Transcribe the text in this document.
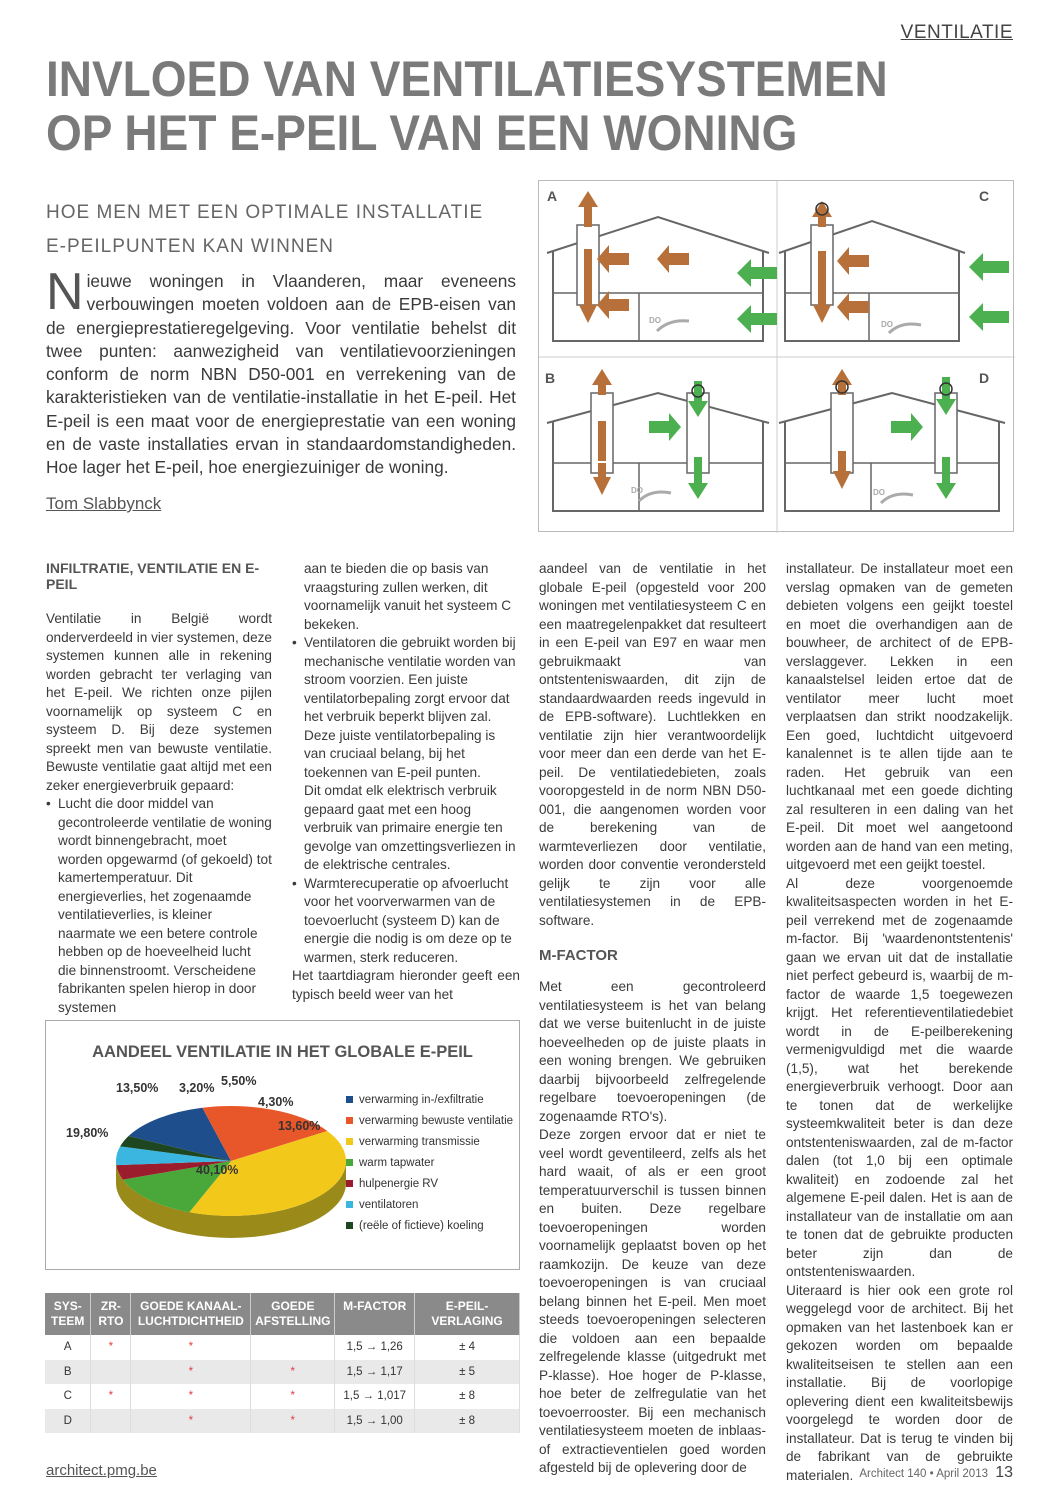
VENTILATIE
INVLOED VAN VENTILATIESYSTEMEN
OP HET E-PEIL VAN EEN WONING
HOE MEN MET EEN OPTIMALE INSTALLATIE
E-PEILPUNTEN KAN WINNEN

Nieuwe woningen in Vlaanderen, maar eveneens verbouwingen moeten voldoen aan de EPB-eisen van de energieprestatieregelgeving. Voor ventilatie behelst dit twee punten: aanwezigheid van ventilatievoorzieningen conform de norm NBN D50-001 en verrekening van de karakteristieken van de ventilatie-installatie in het E-peil. Het E-peil is een maat voor de energieprestatie van een woning en de vaste installaties ervan in standaardomstandigheden. Hoe lager het E-peil, hoe energiezuiniger de woning.

Tom Slabbynck
A
DO
C
DO
B
DO
D
DO
INFILTRATIE, VENTILATIE EN E-PEIL

Ventilatie in België wordt onderverdeeld in vier systemen, deze systemen kunnen alle in rekening worden gebracht ter verlaging van het E-peil. We richten onze pijlen voornamelijk op systeem C en systeem D. Bij deze systemen spreekt men van bewuste ventilatie. Bewuste ventilatie gaat altijd met een zeker energieverbruik gepaard:

• Lucht die door middel van gecontroleerde ventilatie de woning wordt binnengebracht, moet worden opgewarmd (of gekoeld) tot kamertemperatuur. Dit energieverlies, het zogenaamde ventilatieverlies, is kleiner naarmate we een betere controle hebben op de hoeveelheid lucht die binnenstroomt. Verscheidene fabrikanten spelen hierop in door systemen
aan te bieden die op basis van vraagsturing zullen werken, dit voornamelijk vanuit het systeem C bekeken.
• Ventilatoren die gebruikt worden bij mechanische ventilatie worden van stroom voorzien. Een juiste ventilatorbepaling zorgt ervoor dat het verbruik beperkt blijven zal. Deze juiste ventilatorbepaling is van cruciaal belang, bij het toekennen van E-peil punten.
Dit omdat elk elektrisch verbruik gepaard gaat met een hoog verbruik van primaire energie ten gevolge van omzettingsverliezen in de elektrische centrales.
• Warmterecuperatie op afvoerlucht voor het voorverwarmen van de toevoerlucht (systeem D) kan de energie die nodig is om deze op te warmen, sterk reduceren.

Het taartdiagram hieronder geeft een typisch beeld weer van het

aandeel van de ventilatie in het globale E-peil (opgesteld voor 200 woningen met ventilatiesysteem C en een maatregelenpakket dat resulteert in een E-peil van E97 en waar men gebruikmaakt van ontstenteniswaarden, dit zijn de standaardwaarden reeds ingevuld in de EPB-software). Luchtlekken en ventilatie zijn hier verantwoordelijk voor meer dan een derde van het E-peil. De ventilatiedebieten, zoals vooropgesteld in de norm NBN D50-001, die aangenomen worden voor de berekening van de warmteverliezen door ventilatie, worden door conventie verondersteld gelijk te zijn voor alle ventilatiesystemen in de EPB-software.

M-FACTOR

Met een gecontroleerd ventilatiesysteem is het van belang dat we verse buitenlucht in de juiste hoeveelheden op de juiste plaats in een woning brengen. We gebruiken daarbij bijvoorbeeld zelfregelende regelbare toevoeropeningen (de zogenaamde RTO's).

Deze zorgen ervoor dat er niet te veel wordt geventileerd, zelfs als het hard waait, of als er een groot temperatuurverschil is tussen binnen en buiten. Deze regelbare toevoeropeningen worden voornamelijk geplaatst boven op het raamkozijn. De keuze van deze toevoeropeningen is van cruciaal belang binnen het E-peil. Men moet steeds toevoeropeningen selecteren die voldoen aan een bepaalde zelfregelende klasse (uitgedrukt met P-klasse). Hoe hoger de P-klasse, hoe beter de zelfregulatie van het toevoerrooster. Bij een mechanisch ventilatiesysteem moeten de inblaas- of extractieventielen goed worden afgesteld bij de oplevering door de

installateur. De installateur moet een verslag opmaken van de gemeten debieten volgens een geijkt toestel en moet die overhandigen aan de bouwheer, de architect of de EPB-verslaggever. Lekken in een kanaalstelsel leiden ertoe dat de ventilator meer lucht moet verplaatsen dan strikt noodzakelijk. Een goed, luchtdicht uitgevoerd kanalennet is te allen tijde aan te raden. Het gebruik van een luchtkanaal met een goede dichting zal resulteren in een daling van het E-peil. Dit moet wel aangetoond worden aan de hand van een meting, uitgevoerd met een geijkt toestel.

Al deze voorgenoemde kwaliteitsaspecten worden in het E-peil verrekend met de zogenaamde m-factor. Bij 'waardenontstentenis' gaan we ervan uit dat de installatie niet perfect gebeurd is, waarbij de m-factor de waarde 1,5 toegewezen krijgt. Het referentieventilatiedebiet wordt in de E-peilberekening vermenigvuldigd met die waarde (1,5), wat het berekende energieverbruik verhoogt. Door aan te tonen dat de werkelijke systeemkwaliteit beter is dan deze ontstenteniswaarden, zal de m-factor dalen (tot 1,0 bij een optimale kwaliteit) en zodoende zal het algemene E-peil dalen. Het is aan de installateur van de installatie om aan te tonen dat de gebruikte producten beter zijn dan de ontstenteniswaarden.

Uiteraard is hier ook een grote rol weggelegd voor de architect. Bij het opmaken van het lastenboek kan er gekozen worden om bepaalde kwaliteitseisen te stellen aan een installatie. Bij de voorlopige oplevering dient een kwaliteitsbewijs voorgelegd te worden door de installateur. Dat is terug te vinden bij de fabrikant van de gebruikte materialen.

AANDEEL VENTILATIE IN HET GLOBALE E-PEIL
verwarming in-/exfiltratie
verwarming bewuste ventilatie
verwarming transmissie
warm tapwater
hulpenergie RV
ventilatoren
(reële of fictieve) koeling
13,50%
19,80%
40,10%
13,60%
4,30%
5,50%
3,20%
SYS-TEEM	ZR-RTO	GOEDE KANAAL-LUCHTDICHTHEID	GOEDE AFSTELLING	M-FACTOR	E-PEIL-VERLAGING
A	*	*		1,5 → 1,26	± 4
B		*	*	1,5 → 1,17	± 5
C	*	*	*	1,5 → 1,017	± 8
D		*	*	1,5 → 1,00	± 8
architect.pmg.be	Architect 140 • April 2013 13
